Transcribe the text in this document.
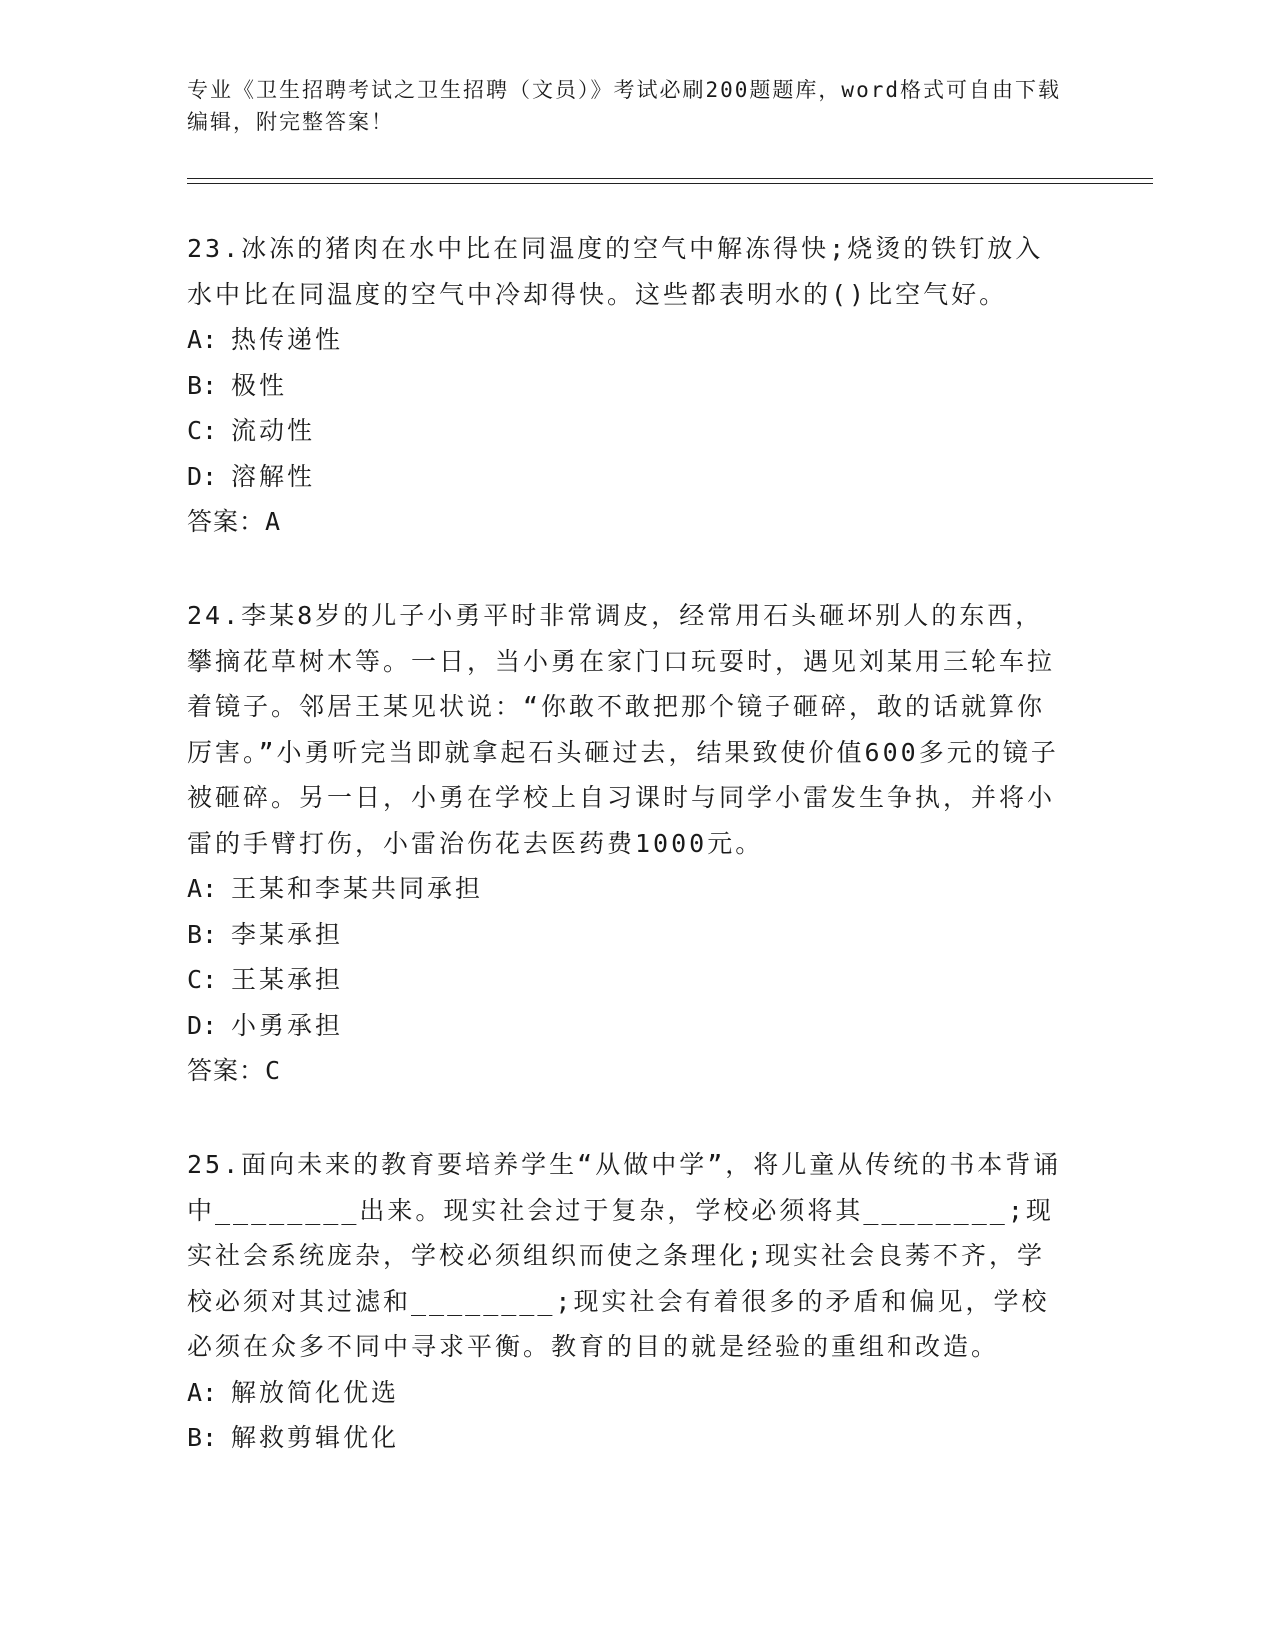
专业《卫生招聘考试之卫生招聘（文员）》考试必刷200题题库，word格式可自由下载编辑，附完整答案！

23.冰冻的猪肉在水中比在同温度的空气中解冻得快;烧烫的铁钉放入水中比在同温度的空气中冷却得快。这些都表明水的()比空气好。

A: 热传递性

B: 极性

C: 流动性

D: 溶解性

答案：A

24.李某8岁的儿子小勇平时非常调皮，经常用石头砸坏别人的东西，攀摘花草树木等。一日，当小勇在家门口玩耍时，遇见刘某用三轮车拉着镜子。邻居王某见状说：“你敢不敢把那个镜子砸碎，敢的话就算你厉害。”小勇听完当即就拿起石头砸过去，结果致使价值600多元的镜子被砸碎。另一日，小勇在学校上自习课时与同学小雷发生争执，并将小雷的手臂打伤，小雷治伤花去医药费1000元。

A: 王某和李某共同承担

B: 李某承担

C: 王某承担

D: 小勇承担

答案：C

25.面向未来的教育要培养学生“从做中学”，将儿童从传统的书本背诵中________出来。现实社会过于复杂，学校必须将其________;现实社会系统庞杂，学校必须组织而使之条理化;现实社会良莠不齐，学校必须对其过滤和________;现实社会有着很多的矛盾和偏见，学校必须在众多不同中寻求平衡。教育的目的就是经验的重组和改造。

A: 解放简化优选

B: 解救剪辑优化
